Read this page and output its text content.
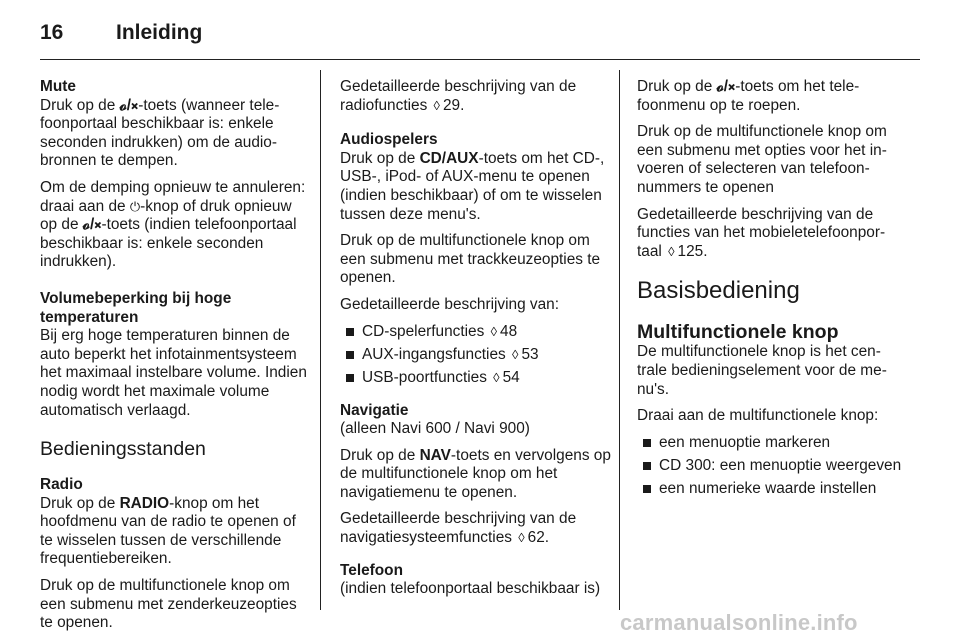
16	Inleiding
Mute

Druk op de 𝓸/⨯-toets (wanneer telefoonportaal beschikbaar is: enkele seconden indrukken) om de audiobronnen te dempen.

Om de demping opnieuw te annuleren: draai aan de ⏻-knop of druk opnieuw op de 𝓸/⨯-toets (indien telefoonportaal beschikbaar is: enkele seconden indrukken).

Volumebeperking bij hoge
temperaturen

Bij erg hoge temperaturen binnen de auto beperkt het infotainmentsysteem het maximaal instelbare volume. Indien nodig wordt het maximale volume automatisch verlaagd.

Bedieningsstanden
Radio

Druk op de RADIO-knop om het hoofdmenu van de radio te openen of te wisselen tussen de verschillende frequentiebereiken.

Druk op de multifunctionele knop om een submenu met zenderkeuzeopties te openen.

Gedetailleerde beschrijving van de radiofuncties ◊ 29.

Audiospelers

Druk op de CD/AUX-toets om het CD-, USB-, iPod- of AUX-menu te openen (indien beschikbaar) of om te wisselen tussen deze menu's.

Druk op de multifunctionele knop om een submenu met trackkeuzeopties te openen.

Gedetailleerde beschrijving van:

CD-spelerfuncties ◊ 48
AUX-ingangsfuncties ◊ 53
USB-poortfuncties ◊ 54
Navigatie

(alleen Navi 600 / Navi 900)

Druk op de NAV-toets en vervolgens op de multifunctionele knop om het navigatiemenu te openen.

Gedetailleerde beschrijving van de navigatiesysteemfuncties ◊ 62.

Telefoon

(indien telefoonportaal beschikbaar is)

Druk op de 𝓸/⨯-toets om het telefoonmenu op te roepen.

Druk op de multifunctionele knop om een submenu met opties voor het invoeren of selecteren van telefoonnummers te openen

Gedetailleerde beschrijving van de functies van het mobieletelefoonportaal ◊ 125.

Basisbediening
Multifunctionele knop

De multifunctionele knop is het centrale bedieningselement voor de menu's.

Draai aan de multifunctionele knop:

een menuoptie markeren
CD 300: een menuoptie weergeven
een numerieke waarde instellen
carmanualsonline.info
